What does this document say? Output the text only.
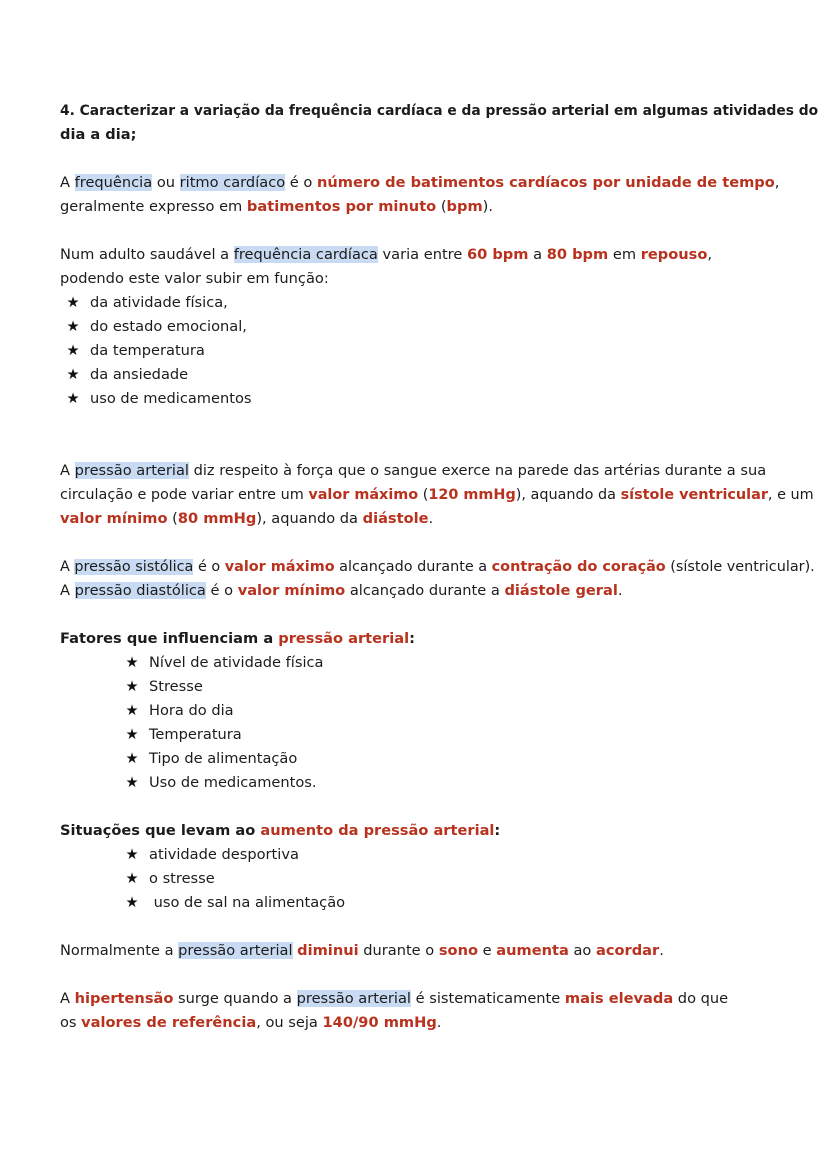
4. Caracterizar a variação da frequência cardíaca e da pressão arterial em algumas atividades do
dia a dia;
A frequência ou ritmo cardíaco é o número de batimentos cardíacos por unidade de tempo,
geralmente expresso em batimentos por minuto (bpm).
Num adulto saudável a frequência cardíaca varia entre 60 bpm a 80 bpm em repouso,
podendo este valor subir em função:
★ da atividade física,
★ do estado emocional,
★ da temperatura
★ da ansiedade
★ uso de medicamentos
A pressão arterial diz respeito à força que o sangue exerce na parede das artérias durante a sua
circulação e pode variar entre um valor máximo (120 mmHg), aquando da sístole ventricular, e um
valor mínimo (80 mmHg), aquando da diástole.
A pressão sistólica é o valor máximo alcançado durante a contração do coração (sístole ventricular).
A pressão diastólica é o valor mínimo alcançado durante a diástole geral.
Fatores que influenciam a pressão arterial:
★ Nível de atividade física
★ Stresse
★ Hora do dia
★ Temperatura
★ Tipo de alimentação
★ Uso de medicamentos.
Situações que levam ao aumento da pressão arterial:
★ atividade desportiva
★ o stresse
★ uso de sal na alimentação
Normalmente a pressão arterial diminui durante o sono e aumenta ao acordar.
A hipertensão surge quando a pressão arterial é sistematicamente mais elevada do que
os valores de referência, ou seja 140/90 mmHg.
